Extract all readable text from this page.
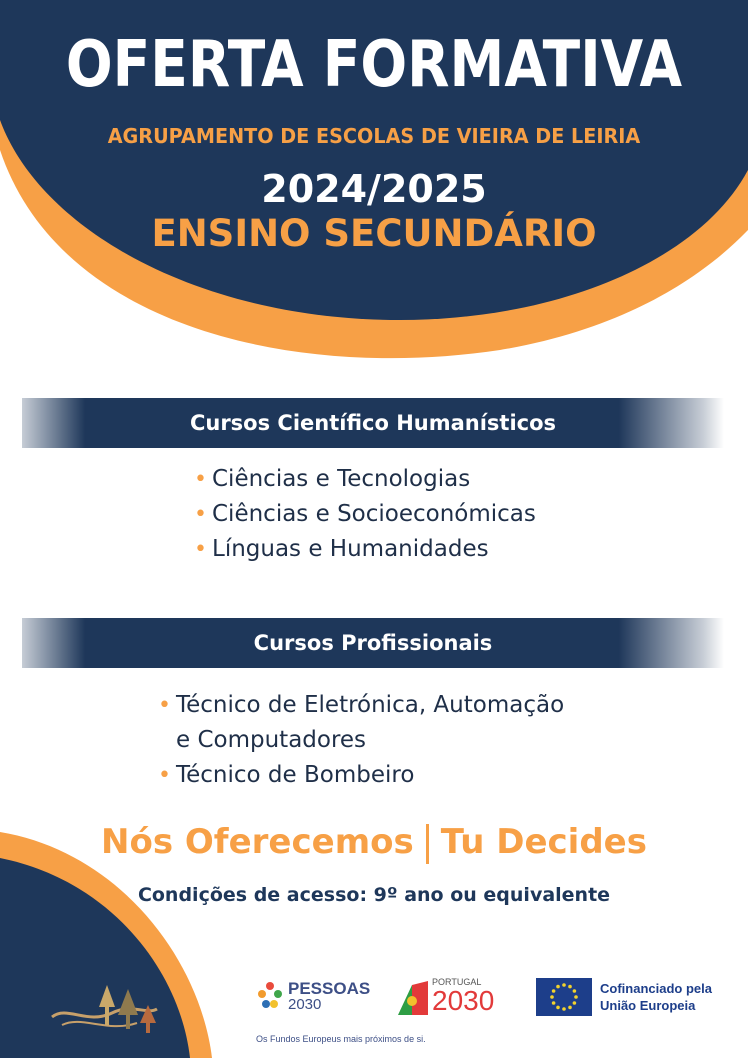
OFERTA FORMATIVA
AGRUPAMENTO DE ESCOLAS DE VIEIRA DE LEIRIA
2024/2025
ENSINO SECUNDÁRIO
Cursos Científico Humanísticos
• Ciências e Tecnologias
• Ciências e Socioeconómicas
• Línguas e Humanidades
Cursos Profissionais
• Técnico de Eletrónica, Automação
e Computadores
• Técnico de Bombeiro
Nós Oferecemos Tu Decides
Condições de acesso: 9º ano ou equivalente
PESSOAS
2030
PORTUGAL
2030	Cofinanciado pela
União Europeia
Os Fundos Europeus mais próximos de si.
